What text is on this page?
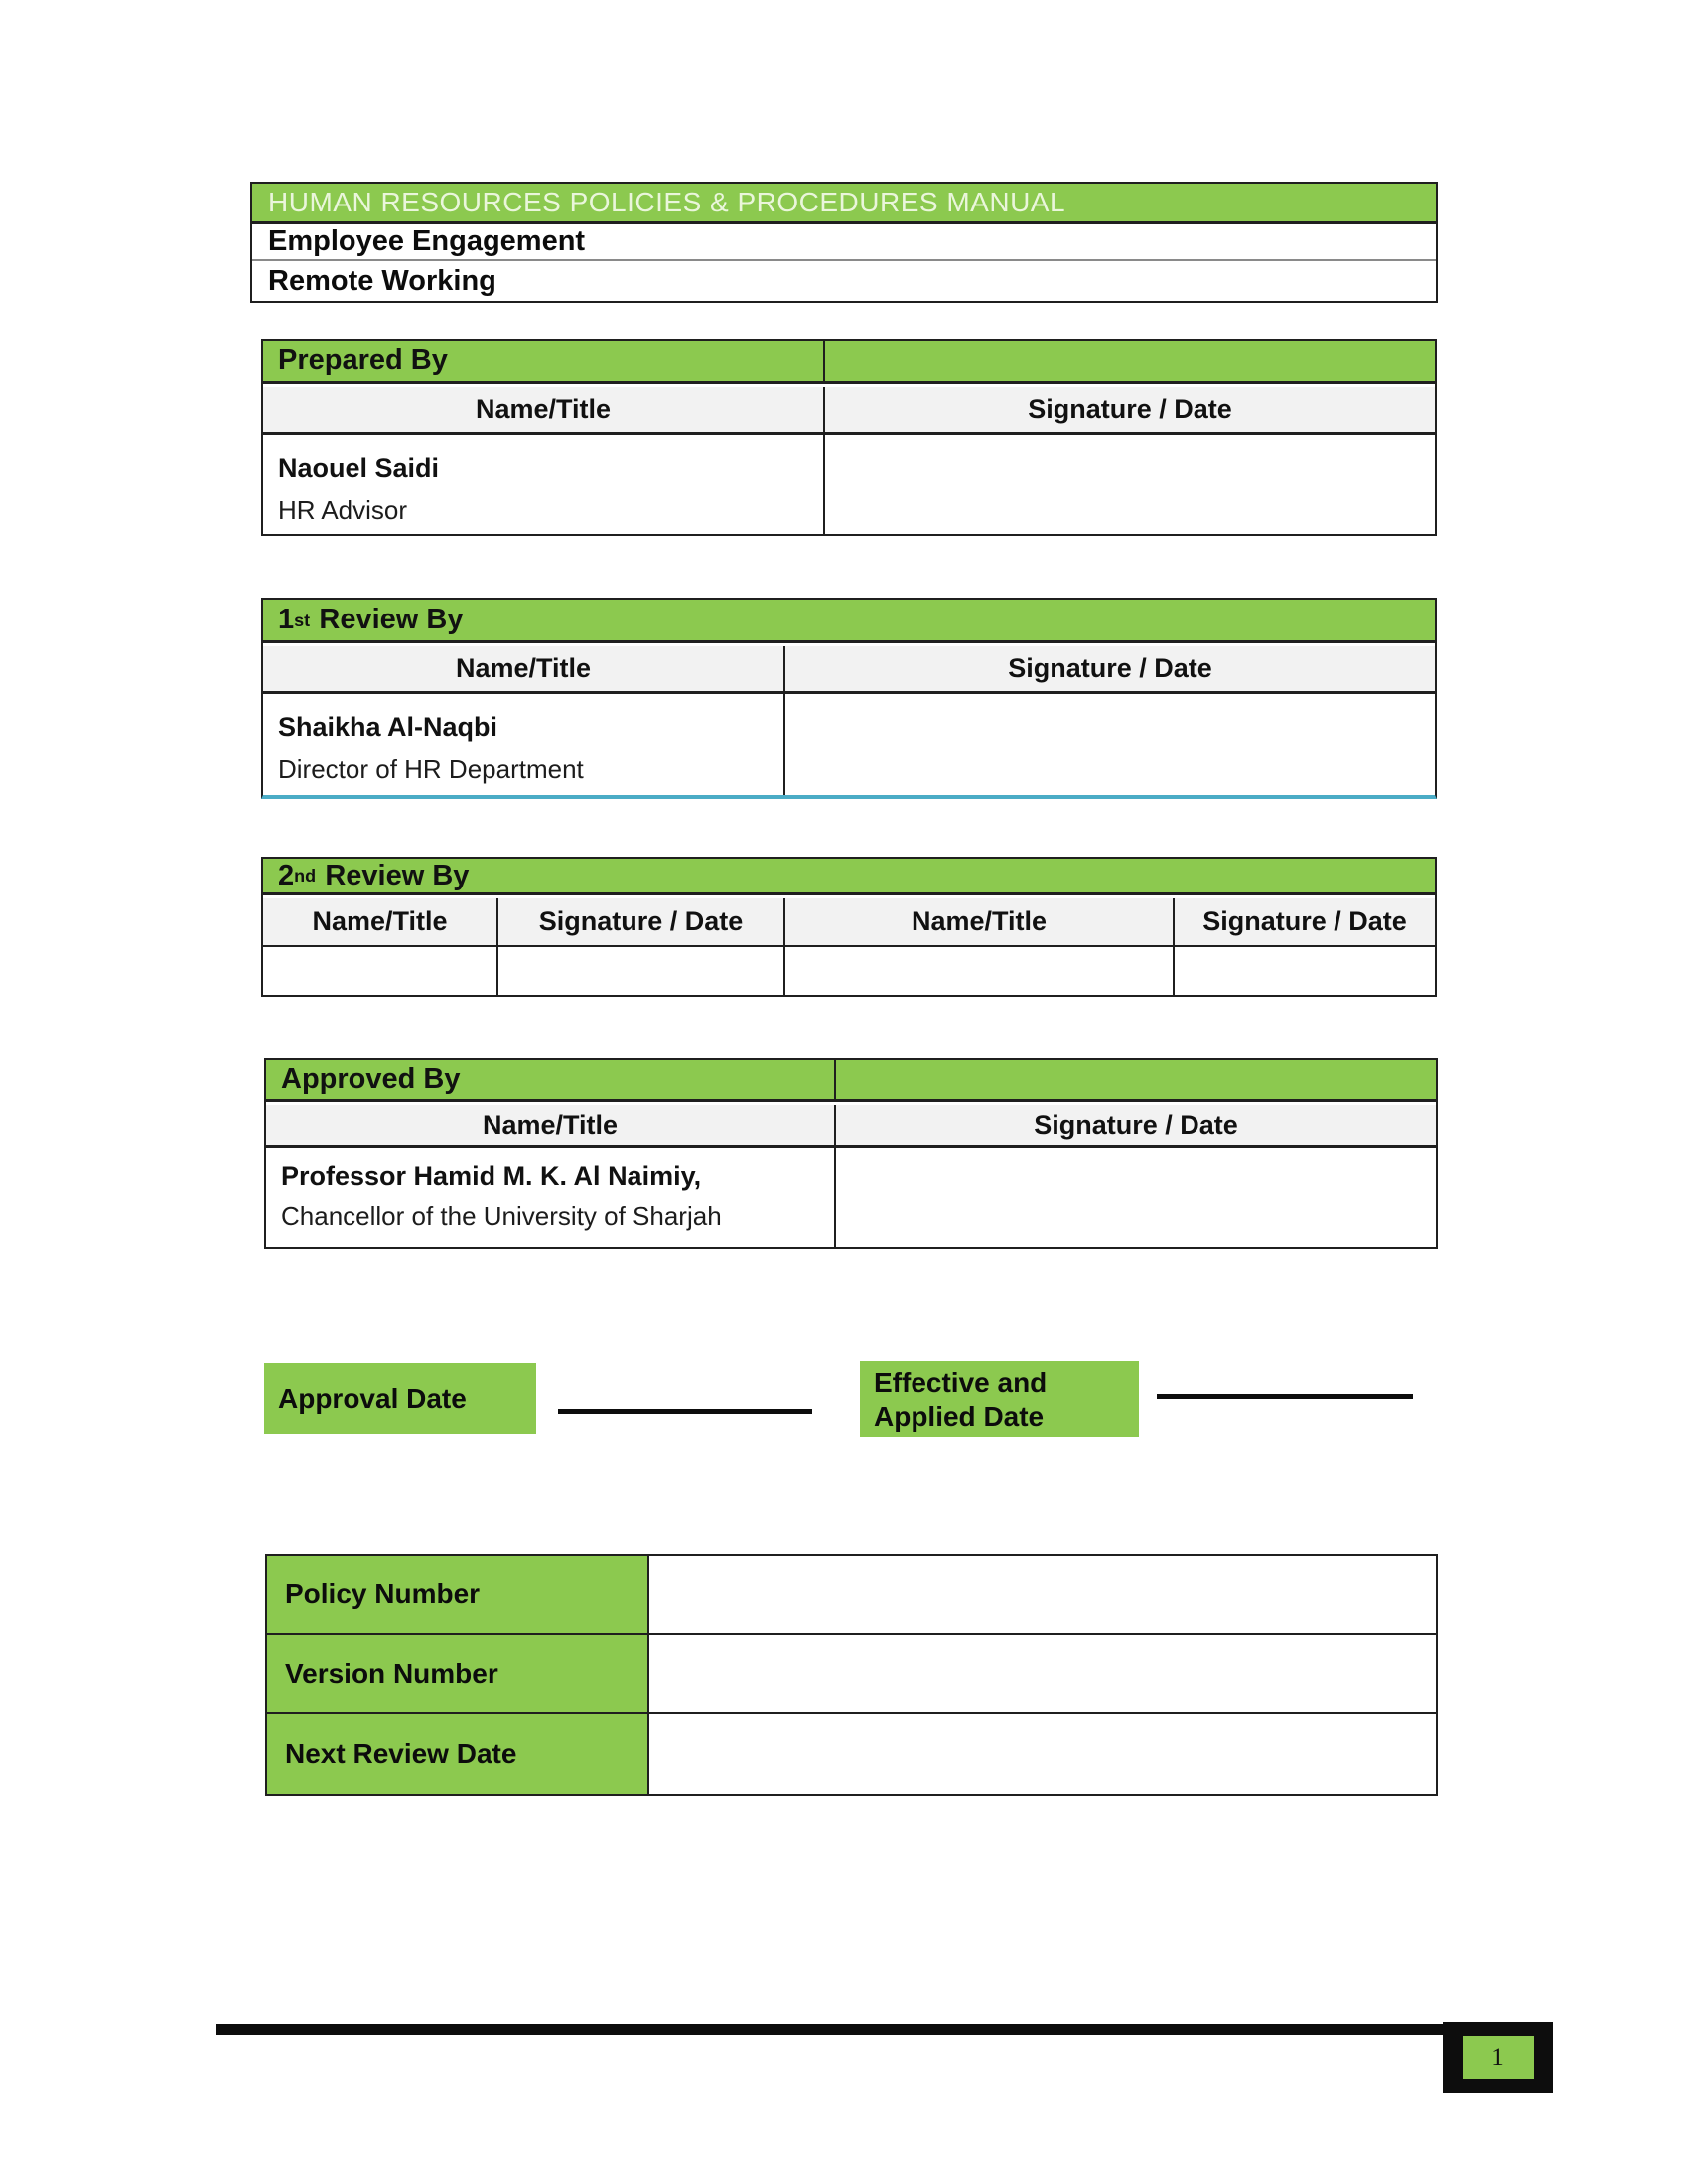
HUMAN RESOURCES POLICIES & PROCEDURES MANUAL
Employee Engagement
Remote Working
Prepared By
Name/Title	Signature / Date
Naouel Saidi
HR Advisor
1 st Review By
Name/Title	Signature / Date
Shaikha Al-Naqbi
Director of HR Department
2 nd Review By
Name/Title	Signature / Date	Name/Title	Signature / Date
Approved By
Name/Title	Signature / Date
Professor Hamid M. K. Al Naimiy,
Chancellor of the University of Sharjah
Approval Date
Effective and Applied Date
Policy Number
Version Number
Next Review Date
1
